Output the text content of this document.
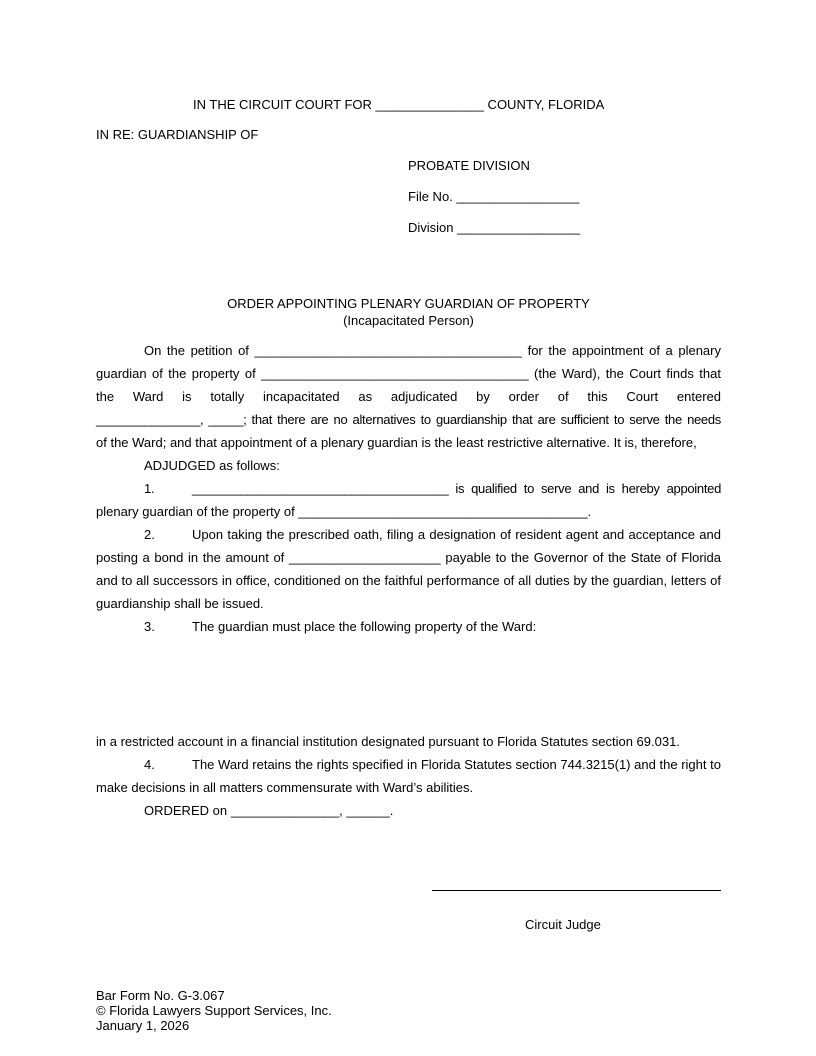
IN THE CIRCUIT COURT FOR _______________ COUNTY, FLORIDA
IN RE: GUARDIANSHIP OF
PROBATE DIVISION
File No. _________________
Division _________________
ORDER APPOINTING PLENARY GUARDIAN OF PROPERTY
(Incapacitated Person)
On the petition of _____________________________________ for the appointment of a plenary
guardian of the property of _____________________________________ (the Ward), the Court finds that
the Ward is totally incapacitated as adjudicated by order of this Court entered
_______________, _____; that there are no alternatives to guardianship that are sufficient to serve the needs
of the Ward; and that appointment of a plenary guardian is the least restrictive alternative. It is, therefore,
ADJUDGED as follows:
1.	_____________________________________ is qualified to serve and is hereby appointed
plenary guardian of the property of ________________________________________.
2.	Upon taking the prescribed oath, filing a designation of resident agent and acceptance and
posting a bond in the amount of _____________________ payable to the Governor of the State of Florida
and to all successors in office, conditioned on the faithful performance of all duties by the guardian, letters of
guardianship shall be issued.
3.	The guardian must place the following property of the Ward:
in a restricted account in a financial institution designated pursuant to Florida Statutes section 69.031.
4.	The Ward retains the rights specified in Florida Statutes section 744.3215(1) and the right to
make decisions in all matters commensurate with Ward’s abilities.
ORDERED on _______________, ______.
Circuit Judge
Bar Form No. G-3.067
© Florida Lawyers Support Services, Inc.
January 1, 2026
